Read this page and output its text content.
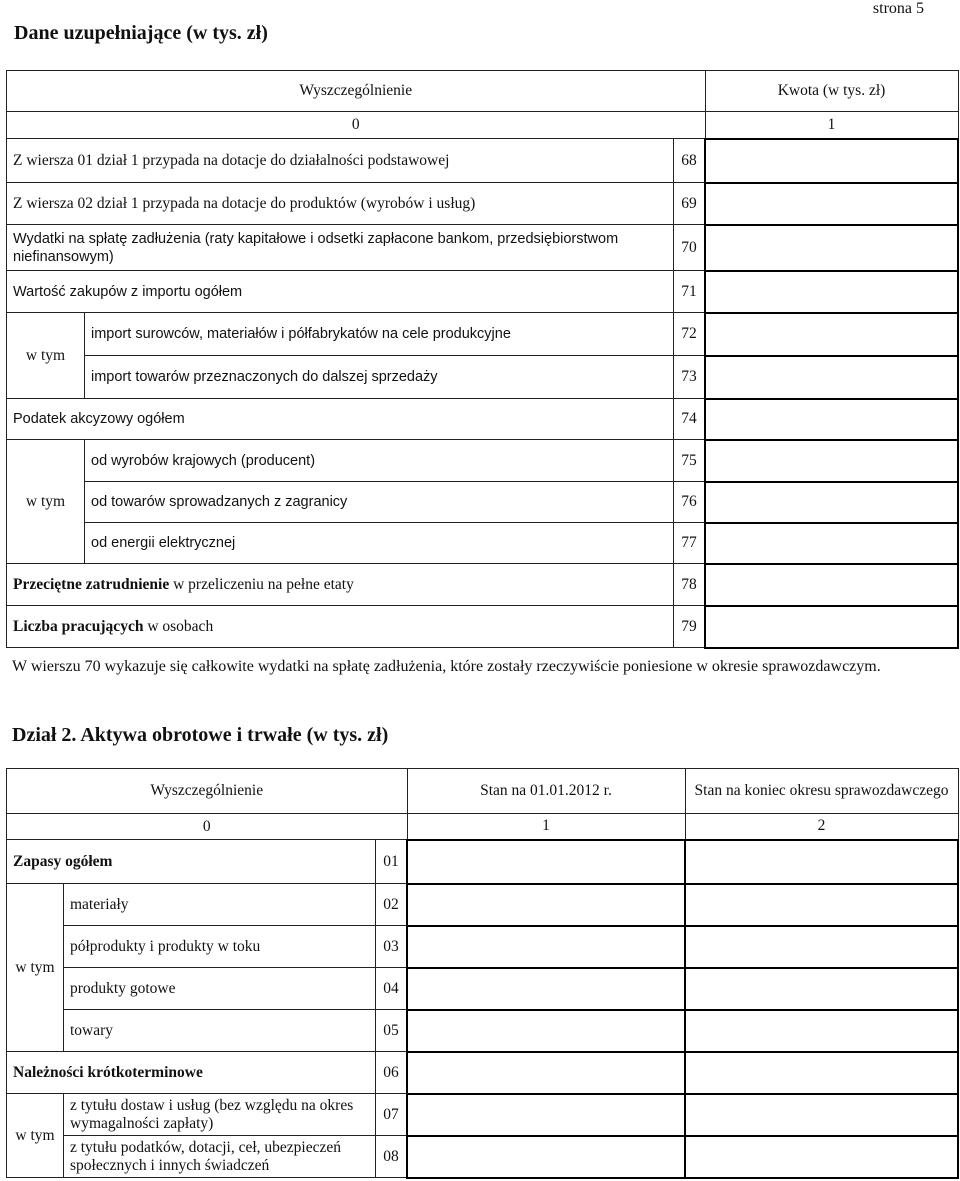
strona 5
Dane uzupełniające (w tys. zł)
Wyszczególnienie			Kwota (w tys. zł)
0			1
Z wiersza 01 dział 1 przypada na dotacje do działalności podstawowej		68	
Z wiersza 02 dział 1 przypada na dotacje do produktów (wyrobów i usług)		69	
Wydatki na spłatę zadłużenia (raty kapitałowe i odsetki zapłacone bankom, przedsiębiorstwom niefinansowym)		70	
Wartość zakupów z importu ogółem		71	
w tym	import surowców, materiałów i półfabrykatów na cele produkcyjne	72	
	import towarów przeznaczonych do dalszej sprzedaży	73	
Podatek akcyzowy ogółem		74	
w tym	od wyrobów krajowych (producent)	75	
	od towarów sprowadzanych z zagranicy	76	
	od energii elektrycznej	77	
Przeciętne zatrudnienie w przeliczeniu na pełne etaty		78	
Liczba pracujących w osobach		79	
W wierszu 70 wykazuje się całkowite wydatki na spłatę zadłużenia, które zostały rzeczywiście poniesione w okresie sprawozdawczym.
Dział 2. Aktywa obrotowe i trwałe (w tys. zł)
Wyszczególnienie			Stan na 01.01.2012 r.	Stan na koniec okresu sprawozdawczego
0			1	2
Zapasy ogółem		01		
w tym	materiały	02		
	półprodukty i produkty w toku	03		
	produkty gotowe	04		
	towary	05		
Należności krótkoterminowe		06		
w tym	z tytułu dostaw i usług (bez względu na okres wymagalności zapłaty)	07		
	z tytułu podatków, dotacji, ceł, ubezpieczeń społecznych i innych świadczeń	08		
